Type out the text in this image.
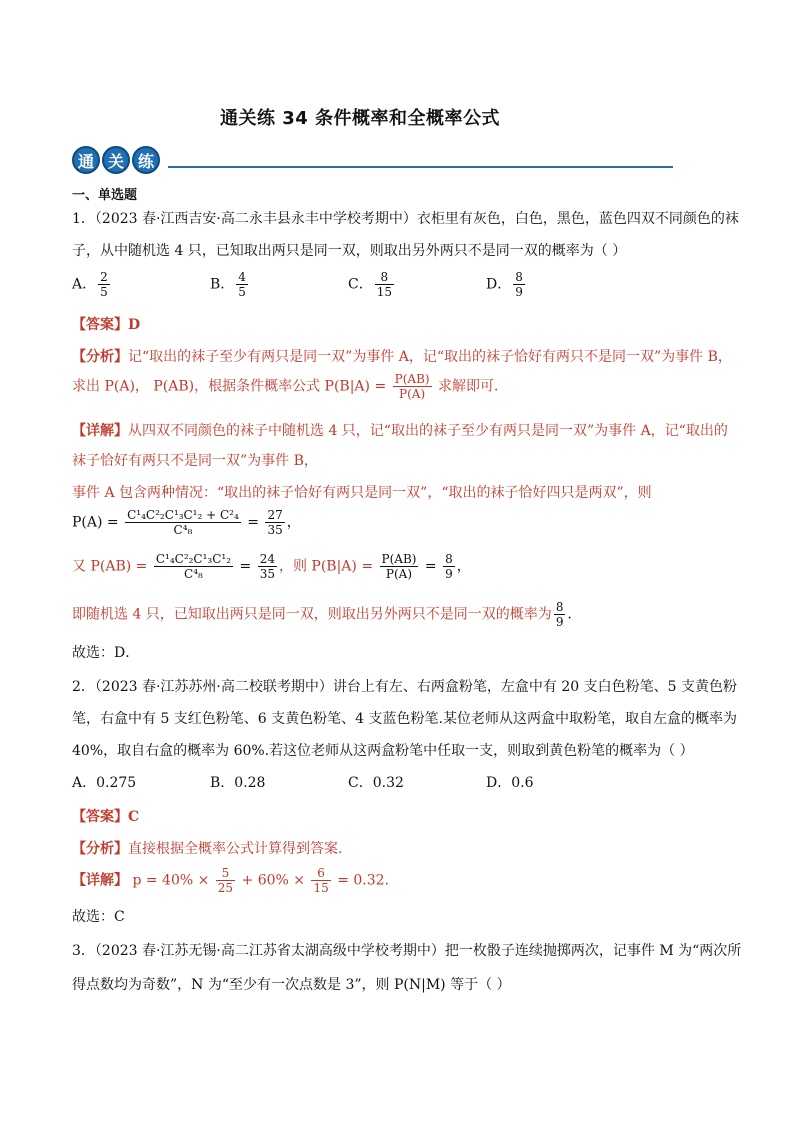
通关练 34 条件概率和全概率公式
通 关 练
一、单选题
1．（2023 春·江西吉安·高二永丰县永丰中学校考期中）衣柜里有灰色，白色，黑色，蓝色四双不同颜色的袜
子，从中随机选 4 只，已知取出两只是同一双，则取出另外两只不是同一双的概率为（ ）
A． $\frac{2}{5}$	B． $\frac{4}{5}$	C． $\frac{8}{15}$	D． $\frac{8}{9}$
【答案】D
【分析】记“取出的袜子至少有两只是同一双”为事件 A，记“取出的袜子恰好有两只不是同一双”为事件 B，
求出 P(A)， P(AB)，根据条件概率公式 $P(B|A) = \frac{P(AB)}{P(A)}$ 求解即可．
【详解】从四双不同颜色的袜子中随机选 4 只，记“取出的袜子至少有两只是同一双”为事件 A，记“取出的
袜子恰好有两只不是同一双”为事件 B，
事件 A 包含两种情况：“取出的袜子恰好有两只是同一双”，“取出的袜子恰好四只是两双”，则
$P(A) = \frac{\text{C¹₄C²₂C¹₃C¹₂ + C²₄}}{\text{C⁴₈}} = \frac{27}{35}$ ，
又 $P(AB) = \frac{\text{C¹₄C²₂C¹₃C¹₂}}{\text{C⁴₈}} = \frac{24}{35}$ ，则 $P(B|A) = \frac{P(AB)}{P(A)} = \frac{8}{9}$ ，
即随机选 4 只，已知取出两只是同一双，则取出另外两只不是同一双的概率为 $\frac{8}{9}$ ．
故选：D．
2．（2023 春·江苏苏州·高二校联考期中）讲台上有左、右两盒粉笔，左盒中有 20 支白色粉笔、5 支黄色粉
笔，右盒中有 5 支红色粉笔、6 支黄色粉笔、4 支蓝色粉笔.某位老师从这两盒中取粉笔，取自左盒的概率为
40%，取自右盒的概率为 60%.若这位老师从这两盒粉笔中任取一支，则取到黄色粉笔的概率为（ ）
A．0.275	B．0.28	C．0.32	D．0.6
【答案】C
【分析】直接根据全概率公式计算得到答案.
【详解】 $p = 40\% \times \frac{5}{25} + 60\% \times \frac{6}{15} = 0.32$.
故选：C
3．（2023 春·江苏无锡·高二江苏省太湖高级中学校考期中）把一枚骰子连续抛掷两次，记事件 M 为“两次所
得点数均为奇数”，N 为“至少有一次点数是 3”，则 P(N|M) 等于（ ）
